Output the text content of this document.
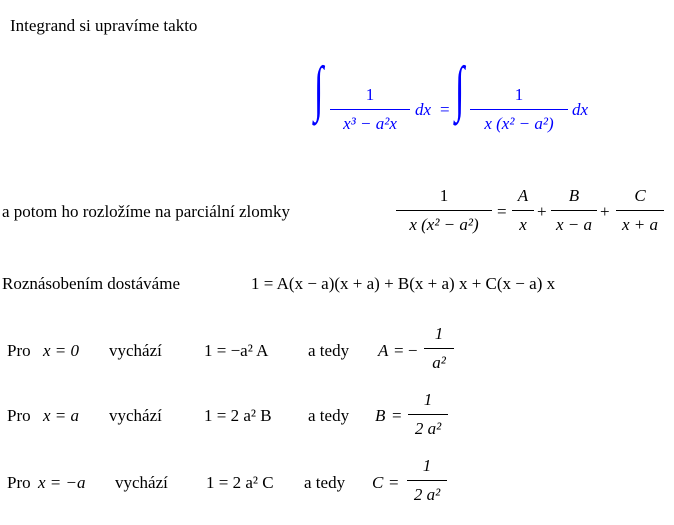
Integrand si upravíme takto
∫	1
x³ − a²x
dx = ∫	1
x (x² − a²)
dx
a potom ho rozložíme na parciální zlomky
1
x (x² − a²)
=
A
x
+
B
x − a
+
C
x + a
Roznásobením dostáváme	1 = A(x − a)(x + a) + B(x + a) x + C(x − a) x
Pro x = 0 vychází 1 = −a² A a tedy A = −
1
a²
Pro x = a vychází 1 = 2 a² B a tedy B =
1
2 a²
Pro x = −a vychází 1 = 2 a² C a tedy C =
1
2 a²
